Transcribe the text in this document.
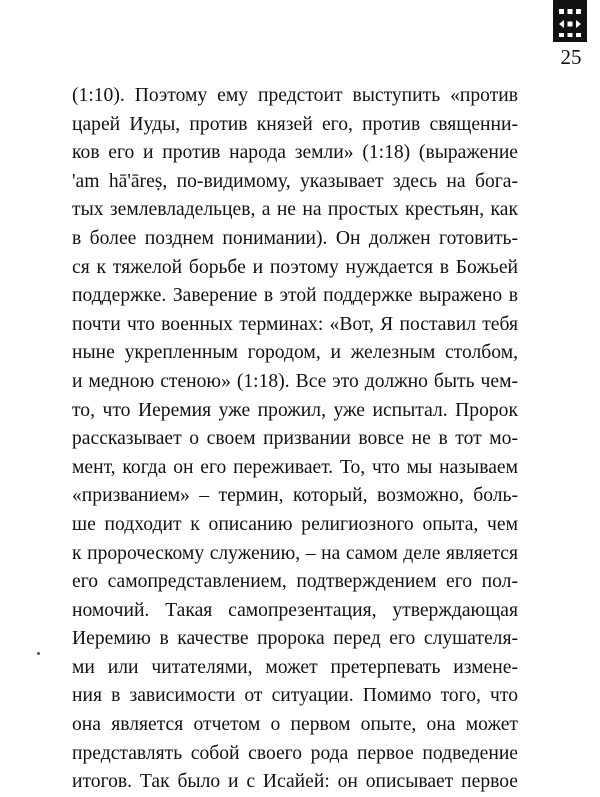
25
(1:10). Поэтому ему предстоит выступить «против
царей Иуды, против князей его, против священни-
ков его и против народа земли» (1:18) (выражение
'am hā'āreṣ, по-видимому, указывает здесь на бога-
тых землевладельцев, а не на простых крестьян, как
в более позднем понимании). Он должен готовить-
ся к тяжелой борьбе и поэтому нуждается в Божьей
поддержке. Заверение в этой поддержке выражено в
почти что военных терминах: «Вот, Я поставил тебя
ныне укрепленным городом, и железным столбом,
и медною стеною» (1:18). Все это должно быть чем-
то, что Иеремия уже прожил, уже испытал. Пророк
рассказывает о своем призвании вовсе не в тот мо-
мент, когда он его переживает. То, что мы называем
«призванием» – термин, который, возможно, боль-
ше подходит к описанию религиозного опыта, чем
к пророческому служению, – на самом деле является
его самопредставлением, подтверждением его пол-
номочий. Такая самопрезентация, утверждающая
Иеремию в качестве пророка перед его слушателя-
ми или читателями, может претерпевать измене-
ния в зависимости от ситуации. Помимо того, что
она является отчетом о первом опыте, она может
представлять собой своего рода первое подведение
итогов. Так было и с Исайей: он описывает первое
